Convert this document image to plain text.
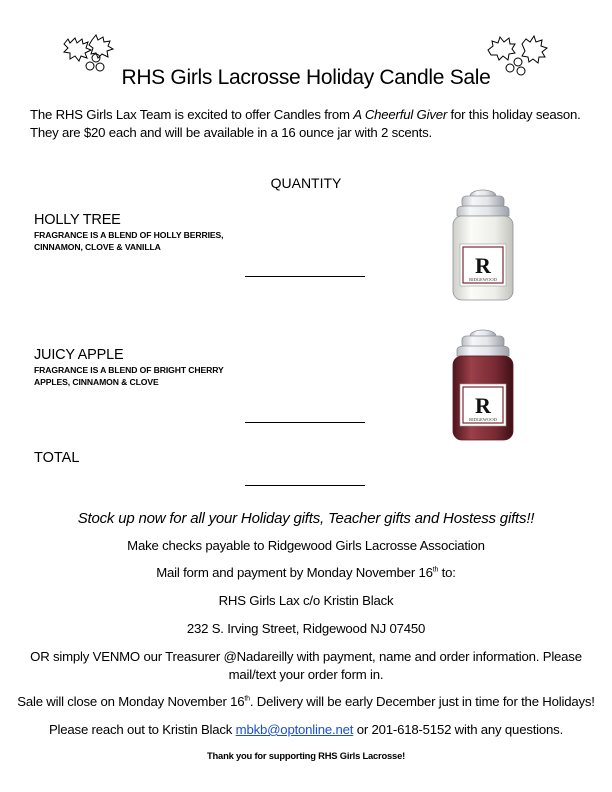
RHS Girls Lacrosse Holiday Candle Sale
The RHS Girls Lax Team is excited to offer Candles from A Cheerful Giver for this holiday season. They are $20 each and will be available in a 16 ounce jar with 2 scents.
QUANTITY
HOLLY TREE
FRAGRANCE IS A BLEND OF HOLLY BERRIES,
CINNAMON, CLOVE & VANILLA
R
RIDGEWOOD
JUICY APPLE
FRAGRANCE IS A BLEND OF BRIGHT CHERRY
APPLES, CINNAMON & CLOVE
R
RIDGEWOOD
TOTAL
Stock up now for all your Holiday gifts, Teacher gifts and Hostess gifts!!
Make checks payable to Ridgewood Girls Lacrosse Association
Mail form and payment by Monday November 16th to:
RHS Girls Lax c/o Kristin Black
232 S. Irving Street, Ridgewood NJ 07450
OR simply VENMO our Treasurer @Nadareilly with payment, name and order information. Please
mail/text your order form in.
Sale will close on Monday November 16th. Delivery will be early December just in time for the Holidays!
Please reach out to Kristin Black mbkb@optonline.net or 201-618-5152 with any questions.
Thank you for supporting RHS Girls Lacrosse!
